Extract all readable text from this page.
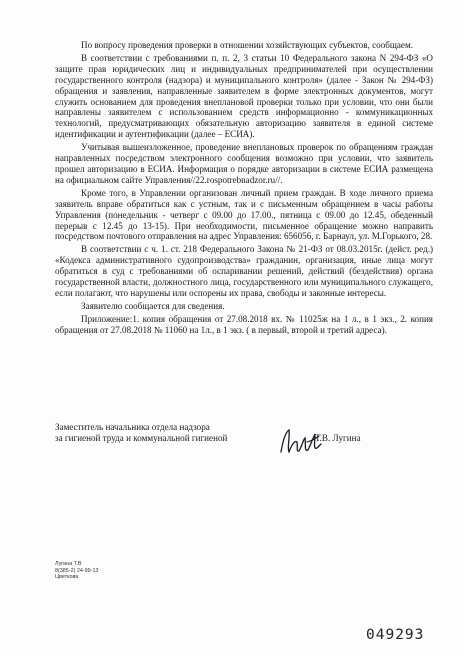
По вопросу проведения проверки в отношении хозяйствующих субъектов, сообщаем.

В соответствии с требованиями п. п. 2, 3 статьи 10 Федерального закона N 294-ФЗ «О защите прав юридических лиц и индивидуальных предпринимателей при осуществлении государственного контроля (надзора) и муниципального контроля» (далее - Закон № 294-ФЗ) обращения и заявления, направленные заявителем в форме электронных документов, могут служить основанием для проведения внеплановой проверки только при условии, что они были направлены заявителем с использованием средств информационно - коммуникационных технологий, предусматривающих обязательную авторизацию заявителя в единой системе идентификации и аутентификации (далее – ЕСИА).

Учитывая вышеизложенное, проведение внеплановых проверок по обращениям граждан направленных посредством электронного сообщения возможно при условии, что заявитель прошел авторизацию в ЕСИА. Информация о порядке авторизации в системе ЕСИА размещена на официальном сайте Управления//22.rospotrebnadzor.ru//.

Кроме того, в Управлении организован личный прием граждан. В ходе личного приема заявитель вправе обратиться как с устным, так и с письменным обращением в часы работы Управления (понедельник - четверг с 09.00 до 17.00., пятница с 09.00 до 12.45, обеденный перерыв с 12.45 до 13-15). При необходимости, письменное обращение можно направить посредством почтового отправления на адрес Управления: 656056, г. Барнаул, ул. М.Горького, 28.

В соответствии с ч. 1. ст. 218 Федерального Закона № 21-ФЗ от 08.03.2015г. (дейст. ред.) «Кодекса административного судопроизводства» гражданин, организация, иные лица могут обратиться в суд с требованиями об оспаривании решений, действий (бездействия) органа государственной власти, должностного лица, государственного или муниципального служащего, если полагают, что нарушены или оспорены их права, свободы и законные интересы.

Заявителю сообщается для сведения.

Приложение:1. копия обращения от 27.08.2018 вх. № 11025ж на 1 л., в 1 экз., 2. копия обращения от 27.08.2018 № 11060 на 1л., в 1 экз. ( в первый, второй и третий адреса).

Заместитель начальника отдела надзора
за гигиеной труда и коммунальной гигиеной	Т.В. Лугина
Лугина Т.В
8(385-2) 24-99-13
Цветкова
049293
